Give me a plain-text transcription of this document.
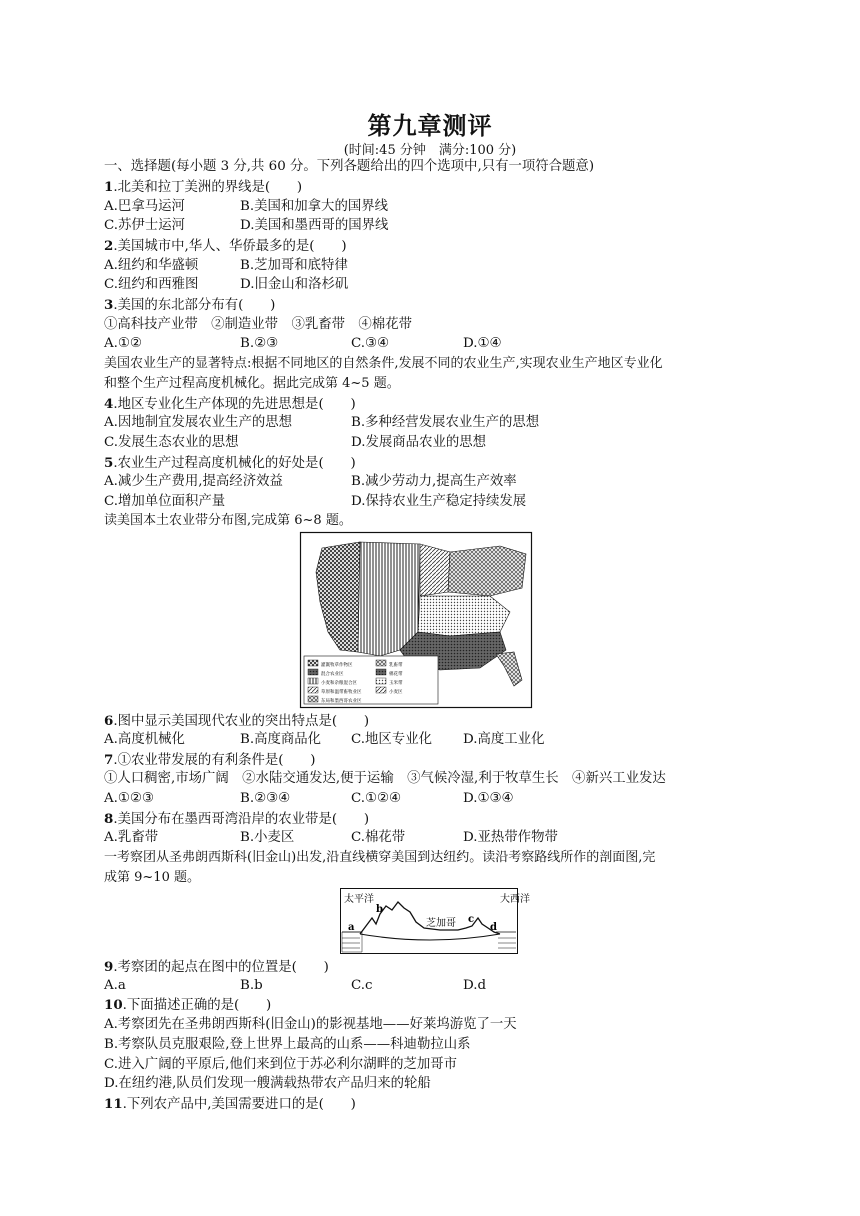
第九章测评
(时间:45 分钟　满分:100 分)
一、选择题(每小题 3 分,共 60 分。下列各题给出的四个选项中,只有一项符合题意)
1.北美和拉丁美洲的界线是(　　)
A.巴拿马运河	B.美国和加拿大的国界线
C.苏伊士运河	D.美国和墨西哥的国界线
2.美国城市中,华人、华侨最多的是(　　)
A.纽约和华盛顿	B.芝加哥和底特律
C.纽约和西雅图	D.旧金山和洛杉矶
3.美国的东北部分布有(　　)
①高科技产业带　②制造业带　③乳畜带　④棉花带
A.①②	B.②③	C.③④	D.①④
美国农业生产的显著特点:根据不同地区的自然条件,发展不同的农业生产,实现农业生产地区专业化
和整个生产过程高度机械化。据此完成第 4~5 题。
4.地区专业化生产体现的先进思想是(　　)
A.因地制宜发展农业生产的思想	B.多种经营发展农业生产的思想
C.发展生态农业的思想	D.发展商品农业的思想
5.农业生产过程高度机械化的好处是(　　)
A.减少生产费用,提高经济效益	B.减少劳动力,提高生产效率
C.增加单位面积产量	D.保持农业生产稳定持续发展
读美国本土农业带分布图,完成第 6~8 题。
灌溉牧草作物区
混合农业区
小麦和杂粮混合区
草原和温带畜牧业区
东局和墨西哥农业区
乳畜带
棉花带
玉米带
小麦区
6.图中显示美国现代农业的突出特点是(　　)
A.高度机械化	B.高度商品化 C.地区专业化 D.高度工业化
7.①农业带发展的有利条件是(　　)
①人口稠密,市场广阔　②水陆交通发达,便于运输　③气候冷湿,利于牧草生长　④新兴工业发达
A.①②③	B.②③④	C.①②④	D.①③④
8.美国分布在墨西哥湾沿岸的农业带是(　　)
A.乳畜带	B.小麦区	C.棉花带	D.亚热带作物带
一考察团从圣弗朗西斯科(旧金山)出发,沿直线横穿美国到达纽约。读沿考察路线所作的剖面图,完
成第 9~10 题。
太平洋	大西洋
a
b
芝加哥 c
d
9.考察团的起点在图中的位置是(　　)
A.a	B.b	C.c	D.d
10.下面描述正确的是(　　)
A.考察团先在圣弗朗西斯科(旧金山)的影视基地——好莱坞游览了一天
B.考察队员克服艰险,登上世界上最高的山系——科迪勒拉山系
C.进入广阔的平原后,他们来到位于苏必利尔湖畔的芝加哥市
D.在纽约港,队员们发现一艘满载热带农产品归来的轮船
11.下列农产品中,美国需要进口的是(　　)
